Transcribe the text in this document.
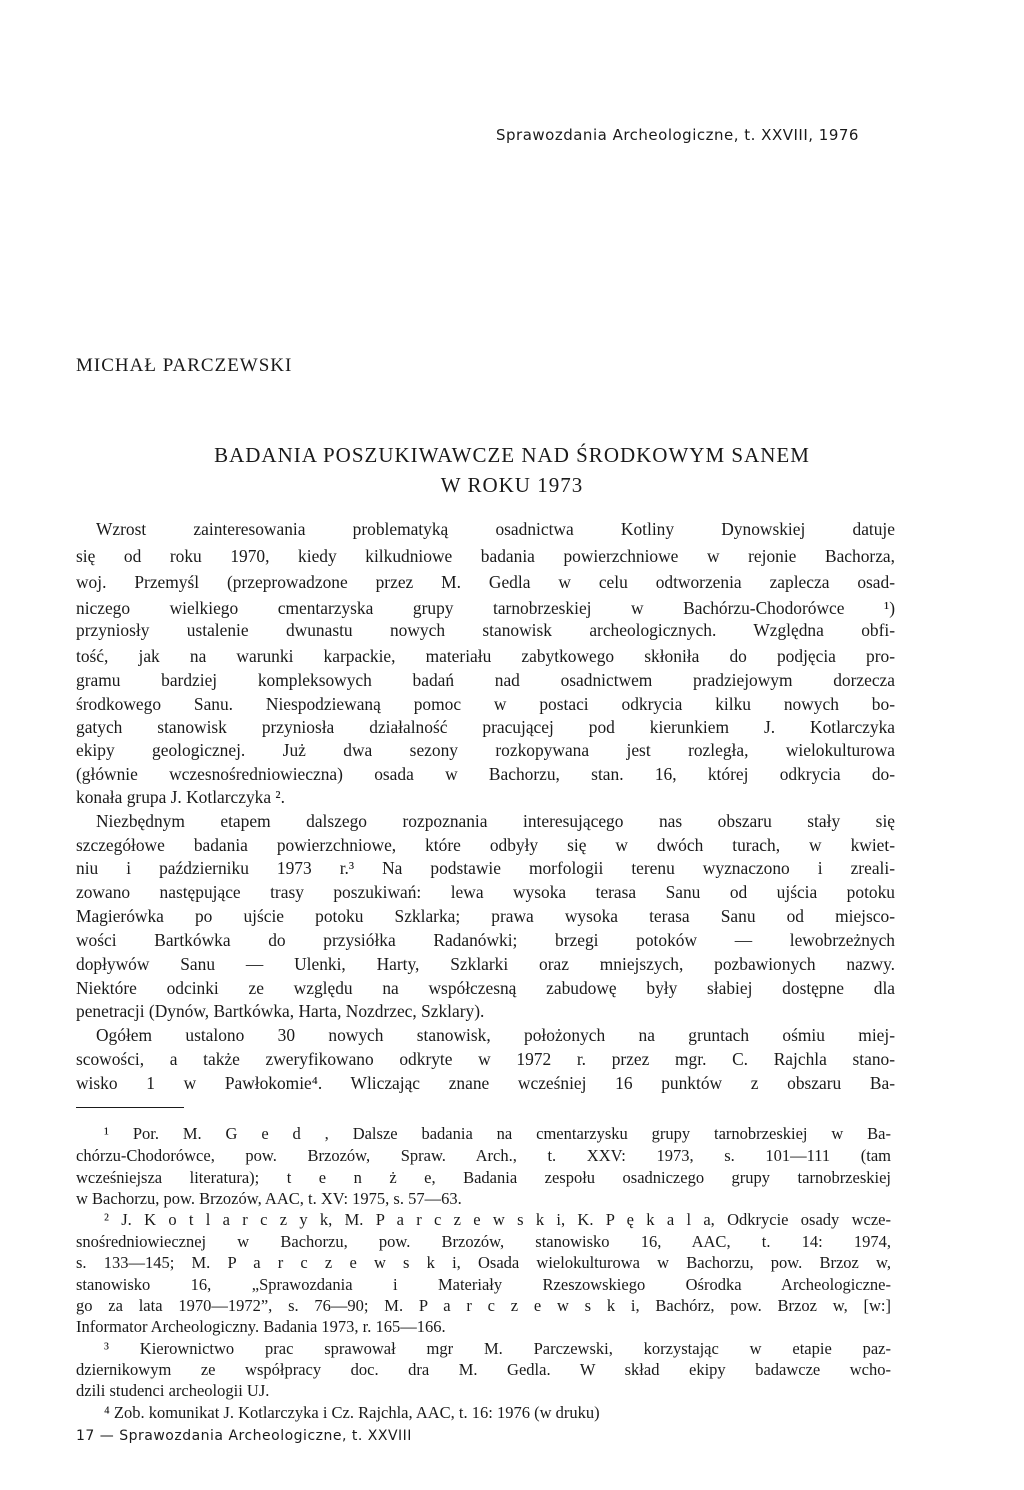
Sprawozdania Archeologiczne, t. XXVIII, 1976
MICHAŁ PARCZEWSKI
BADANIA POSZUKIWAWCZE NAD ŚRODKOWYM SANEM
W ROKU 1973
Wzrost zainteresowania problematyką osadnictwa Kotliny Dynowskiej datuje
się od roku 1970, kiedy kilkudniowe badania powierzchniowe w rejonie Bachorza,
woj. Przemyśl (przeprowadzone przez M. Gedla w celu odtworzenia zaplecza osad-
niczego wielkiego cmentarzyska grupy tarnobrzeskiej w Bachórzu-Chodorówce ¹)
przyniosły ustalenie dwunastu nowych stanowisk archeologicznych. Względna obfi-
tość, jak na warunki karpackie, materiału zabytkowego skłoniła do podjęcia pro-
gramu bardziej kompleksowych badań nad osadnictwem pradziejowym dorzecza
środkowego Sanu. Niespodziewaną pomoc w postaci odkrycia kilku nowych bo-
gatych stanowisk przyniosła działalność pracującej pod kierunkiem J. Kotlarczyka
ekipy geologicznej. Już dwa sezony rozkopywana jest rozległa, wielokulturowa
(głównie wczesnośredniowieczna) osada w Bachorzu, stan. 16, której odkrycia do-
konała grupa J. Kotlarczyka ².
Niezbędnym etapem dalszego rozpoznania interesującego nas obszaru stały się
szczegółowe badania powierzchniowe, które odbyły się w dwóch turach, w kwiet-
niu i październiku 1973 r.³ Na podstawie morfologii terenu wyznaczono i zreali-
zowano następujące trasy poszukiwań: lewa wysoka terasa Sanu od ujścia potoku
Magierówka po ujście potoku Szklarka; prawa wysoka terasa Sanu od miejsco-
wości Bartkówka do przysiółka Radanówki; brzegi potoków — lewobrzeżnych
dopływów Sanu — Ulenki, Harty, Szklarki oraz mniejszych, pozbawionych nazwy.
Niektóre odcinki ze względu na współczesną zabudowę były słabiej dostępne dla
penetracji (Dynów, Bartkówka, Harta, Nozdrzec, Szklary).
Ogółem ustalono 30 nowych stanowisk, położonych na gruntach ośmiu miej-
scowości, a także zweryfikowano odkryte w 1972 r. przez mgr. C. Rajchla stano-
wisko 1 w Pawłokomie⁴. Wliczając znane wcześniej 16 punktów z obszaru Ba-
¹ Por. M. G e d , Dalsze badania na cmentarzysku grupy tarnobrzeskiej w Ba-
chórzu-Chodorówce, pow. Brzozów, Spraw. Arch., t. XXV: 1973, s. 101—111 (tam
wcześniejsza literatura); t e n ż e, Badania zespołu osadniczego grupy tarnobrzeskiej
w Bachorzu, pow. Brzozów, AAC, t. XV: 1975, s. 57—63.
² J. K o t l a r c z y k, M. P a r c z e w s k i, K. P ę k a l a, Odkrycie osady wcze-
snośredniowiecznej w Bachorzu, pow. Brzozów, stanowisko 16, AAC, t. 14: 1974,
s. 133—145; M. P a r c z e w s k i, Osada wielokulturowa w Bachorzu, pow. Brzoz w,
stanowisko 16, „Sprawozdania i Materiały Rzeszowskiego Ośrodka Archeologiczne-
go za lata 1970—1972”, s. 76—90; M. P a r c z e w s k i, Bachórz, pow. Brzoz w, [w:]
Informator Archeologiczny. Badania 1973, r. 165—166.
³ Kierownictwo prac sprawował mgr M. Parczewski, korzystając w etapie paz-
dziernikowym ze współpracy doc. dra M. Gedla. W skład ekipy badawcze wcho-
dzili studenci archeologii UJ.
⁴ Zob. komunikat J. Kotlarczyka i Cz. Rajchla, AAC, t. 16: 1976 (w druku)
17 — Sprawozdania Archeologiczne, t. XXVIII
